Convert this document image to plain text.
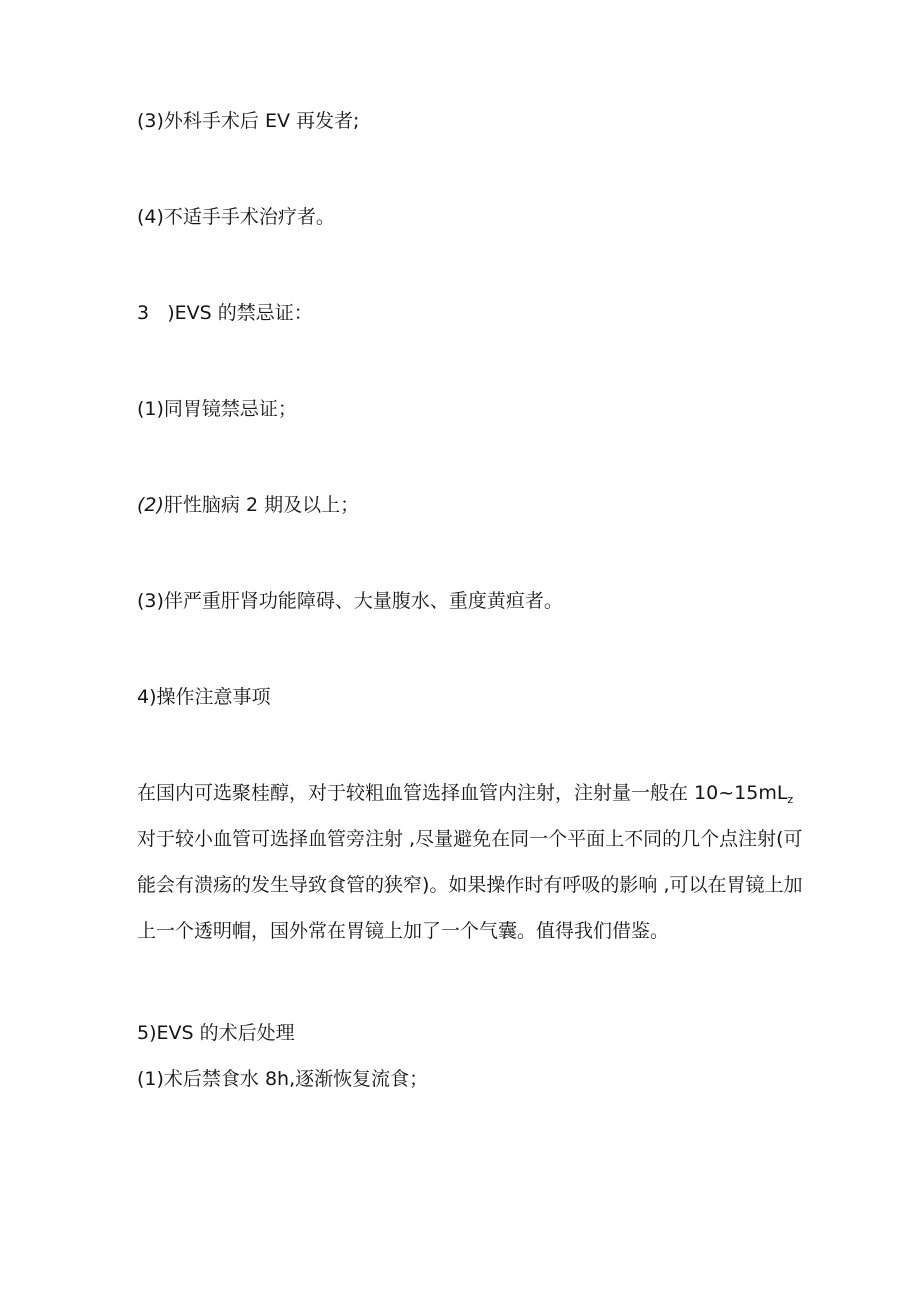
(3)外科手术后 EV 再发者;
(4)不适手手术治疗者。
3   )EVS 的禁忌证：
(1)同胃镜禁忌证；
(2)肝性脑病 2 期及以上；
(3)伴严重肝肾功能障碍、大量腹水、重度黄疸者。
4)操作注意事项
在国内可选聚桂醇，对于较粗血管选择血管内注射，注射量一般在 $10\sim 15mL_z$
对于较小血管可选择血管旁注射 ,尽量避免在同一个平面上不同的几个点注射(可
能会有溃疡的发生导致食管的狭窄)。如果操作时有呼吸的影响 ,可以在胃镜上加
上一个透明帽，国外常在胃镜上加了一个气囊。值得我们借鉴。
5)EVS 的术后处理
(1)术后禁食水 8h,逐渐恢复流食；
